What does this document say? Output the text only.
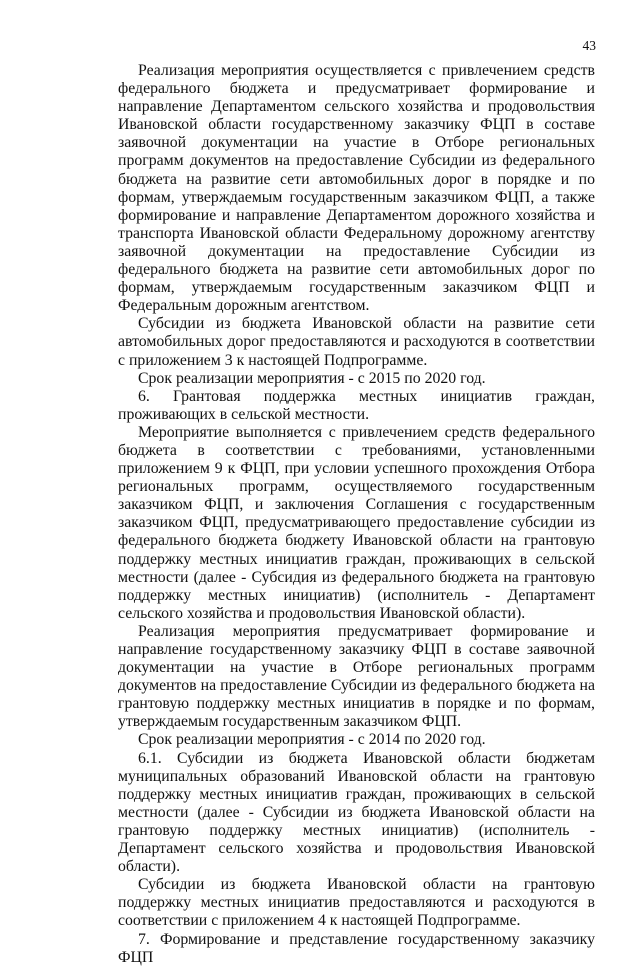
43

Реализация мероприятия осуществляется с привлечением средств федерального бюджета и предусматривает формирование и направление Департаментом сельского хозяйства и продовольствия Ивановской области государственному заказчику ФЦП в составе заявочной документации на участие в Отборе региональных программ документов на предоставление Субсидии из федерального бюджета на развитие сети автомобильных дорог в порядке и по формам, утверждаемым государственным заказчиком ФЦП, а также формирование и направление Департаментом дорожного хозяйства и транспорта Ивановской области Федеральному дорожному агентству заявочной документации на предоставление Субсидии из федерального бюджета на развитие сети автомобильных дорог по формам, утверждаемым государственным заказчиком ФЦП и Федеральным дорожным агентством.

Субсидии из бюджета Ивановской области на развитие сети автомобильных дорог предоставляются и расходуются в соответствии с приложением 3 к настоящей Подпрограмме.

Срок реализации мероприятия - с 2015 по 2020 год.

6. Грантовая поддержка местных инициатив граждан, проживающих в сельской местности.

Мероприятие выполняется с привлечением средств федерального бюджета в соответствии с требованиями, установленными приложением 9 к ФЦП, при условии успешного прохождения Отбора региональных программ, осуществляемого государственным заказчиком ФЦП, и заключения Соглашения с государственным заказчиком ФЦП, предусматривающего предоставление субсидии из федерального бюджета бюджету Ивановской области на грантовую поддержку местных инициатив граждан, проживающих в сельской местности (далее - Субсидия из федерального бюджета на грантовую поддержку местных инициатив) (исполнитель - Департамент сельского хозяйства и продовольствия Ивановской области).

Реализация мероприятия предусматривает формирование и направление государственному заказчику ФЦП в составе заявочной документации на участие в Отборе региональных программ документов на предоставление Субсидии из федерального бюджета на грантовую поддержку местных инициатив в порядке и по формам, утверждаемым государственным заказчиком ФЦП.

Срок реализации мероприятия - с 2014 по 2020 год.

6.1. Субсидии из бюджета Ивановской области бюджетам муниципальных образований Ивановской области на грантовую поддержку местных инициатив граждан, проживающих в сельской местности (далее - Субсидии из бюджета Ивановской области на грантовую поддержку местных инициатив) (исполнитель - Департамент сельского хозяйства и продовольствия Ивановской области).

Субсидии из бюджета Ивановской области на грантовую поддержку местных инициатив предоставляются и расходуются в соответствии с приложением 4 к настоящей Подпрограмме.

7. Формирование и представление государственному заказчику ФЦП
